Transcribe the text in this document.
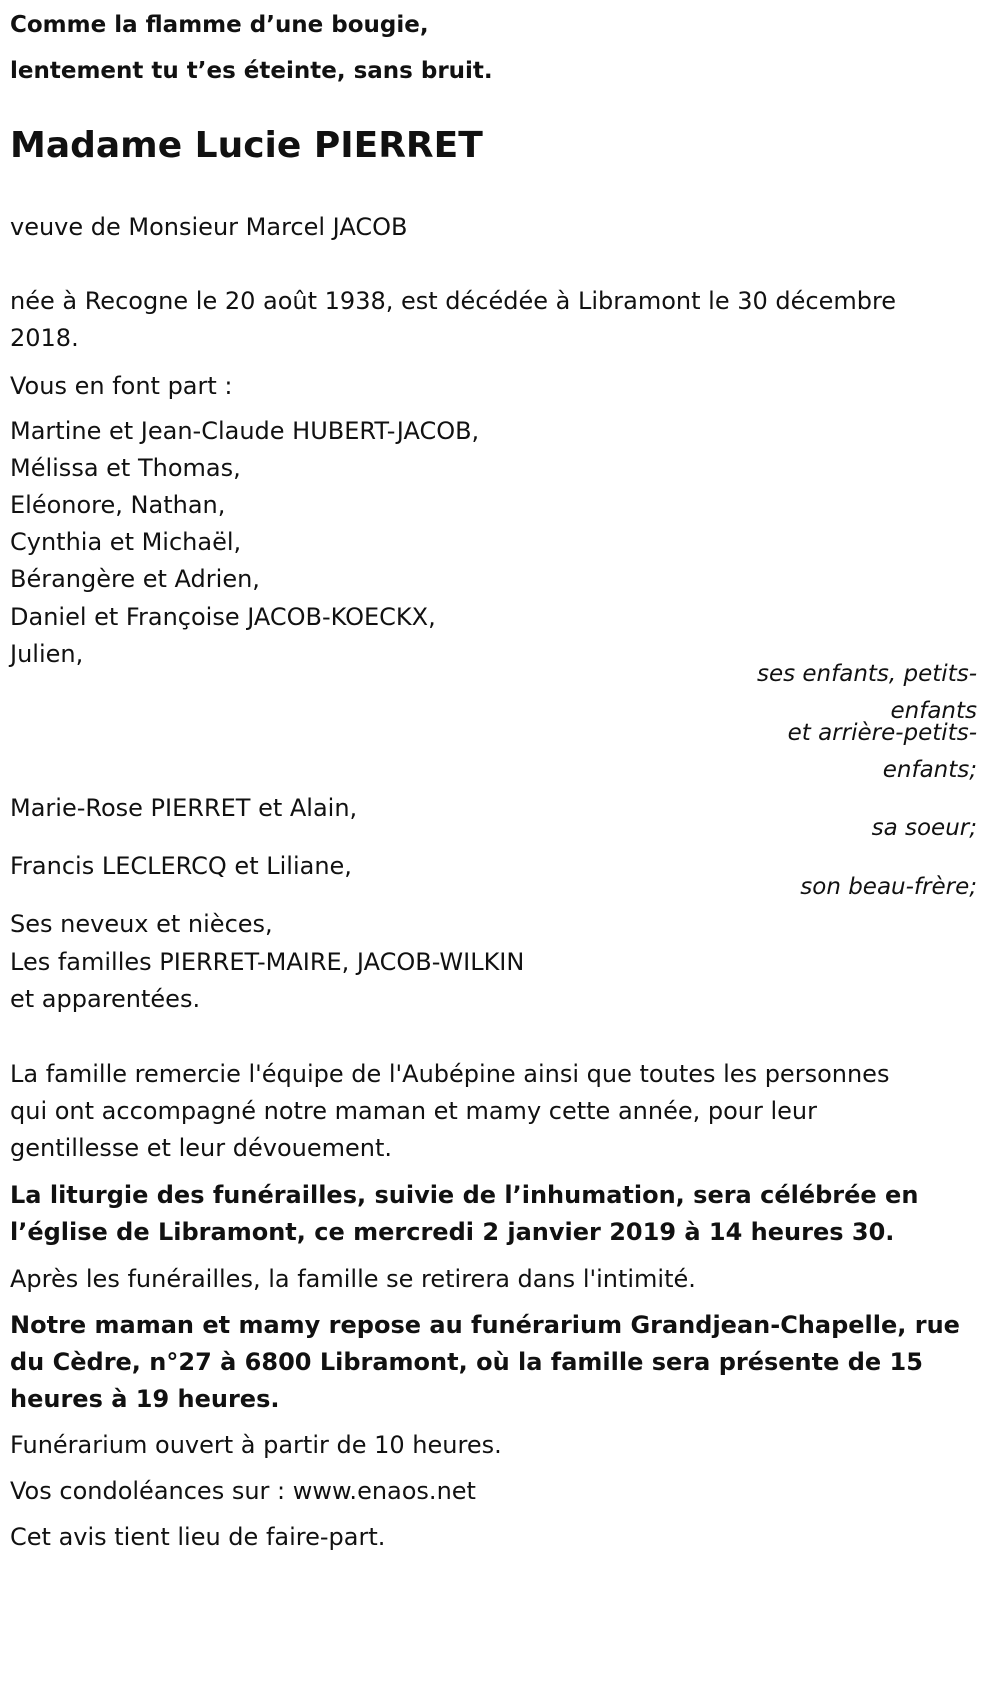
Comme la flamme d’une bougie,

lentement tu t’es éteinte, sans bruit.

Madame Lucie PIERRET

veuve de Monsieur Marcel JACOB

née à Recogne le 20 août 1938, est décédée à Libramont le 30 décembre

2018.

Vous en font part :

Martine et Jean-Claude HUBERT-JACOB,

Mélissa et Thomas,

Eléonore, Nathan,

Cynthia et Michaël,

Bérangère et Adrien,

Daniel et Françoise JACOB-KOECKX,

Julien,

ses enfants, petits-

enfants

et arrière-petits-

enfants;

Marie-Rose PIERRET et Alain,

sa soeur;

Francis LECLERCQ et Liliane,

son beau-frère;

Ses neveux et nièces,

Les familles PIERRET-MAIRE, JACOB-WILKIN

et apparentées.

La famille remercie l'équipe de l'Aubépine ainsi que toutes les personnes

qui ont accompagné notre maman et mamy cette année, pour leur

gentillesse et leur dévouement.

La liturgie des funérailles, suivie de l’inhumation, sera célébrée en

l’église de Libramont, ce mercredi 2 janvier 2019 à 14 heures 30.

Après les funérailles, la famille se retirera dans l'intimité.

Notre maman et mamy repose au funérarium Grandjean-Chapelle, rue

du Cèdre, n°27 à 6800 Libramont, où la famille sera présente de 15

heures à 19 heures.

Funérarium ouvert à partir de 10 heures.

Vos condoléances sur : www.enaos.net

Cet avis tient lieu de faire-part.
